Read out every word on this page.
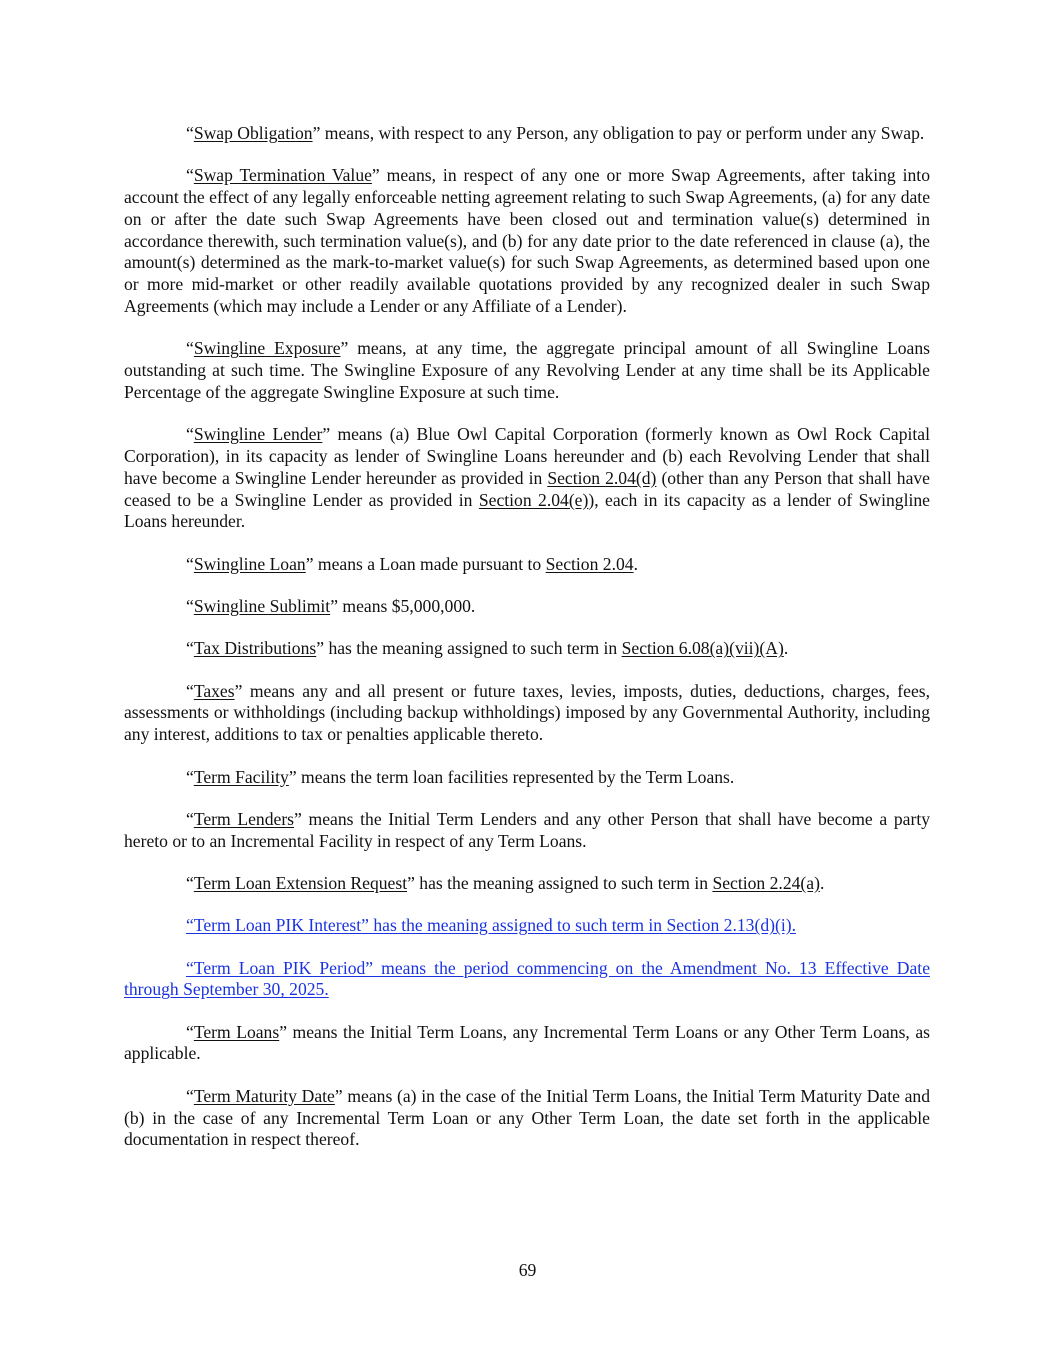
“Swap Obligation” means, with respect to any Person, any obligation to pay or perform under any Swap.

“Swap Termination Value” means, in respect of any one or more Swap Agreements, after taking into account the effect of any legally enforceable netting agreement relating to such Swap Agreements, (a) for any date on or after the date such Swap Agreements have been closed out and termination value(s) determined in accordance therewith, such termination value(s), and (b) for any date prior to the date referenced in clause (a), the amount(s) determined as the mark-to-market value(s) for such Swap Agreements, as determined based upon one or more mid-market or other readily available quotations provided by any recognized dealer in such Swap Agreements (which may include a Lender or any Affiliate of a Lender).

“Swingline Exposure” means, at any time, the aggregate principal amount of all Swingline Loans outstanding at such time. The Swingline Exposure of any Revolving Lender at any time shall be its Applicable Percentage of the aggregate Swingline Exposure at such time.

“Swingline Lender” means (a) Blue Owl Capital Corporation (formerly known as Owl Rock Capital Corporation), in its capacity as lender of Swingline Loans hereunder and (b) each Revolving Lender that shall have become a Swingline Lender hereunder as provided in Section 2.04(d) (other than any Person that shall have ceased to be a Swingline Lender as provided in Section 2.04(e)), each in its capacity as a lender of Swingline Loans hereunder.

“Swingline Loan” means a Loan made pursuant to Section 2.04.

“Swingline Sublimit” means $5,000,000.

“Tax Distributions” has the meaning assigned to such term in Section 6.08(a)(vii)(A).

“Taxes” means any and all present or future taxes, levies, imposts, duties, deductions, charges, fees, assessments or withholdings (including backup withholdings) imposed by any Governmental Authority, including any interest, additions to tax or penalties applicable thereto.

“Term Facility” means the term loan facilities represented by the Term Loans.

“Term Lenders” means the Initial Term Lenders and any other Person that shall have become a party hereto or to an Incremental Facility in respect of any Term Loans.

“Term Loan Extension Request” has the meaning assigned to such term in Section 2.24(a).

“Term Loan PIK Interest” has the meaning assigned to such term in Section 2.13(d)(i).

“Term Loan PIK Period” means the period commencing on the Amendment No. 13 Effective Date through September 30, 2025.

“Term Loans” means the Initial Term Loans, any Incremental Term Loans or any Other Term Loans, as applicable.

“Term Maturity Date” means (a) in the case of the Initial Term Loans, the Initial Term Maturity Date and (b) in the case of any Incremental Term Loan or any Other Term Loan, the date set forth in the applicable documentation in respect thereof.

69
